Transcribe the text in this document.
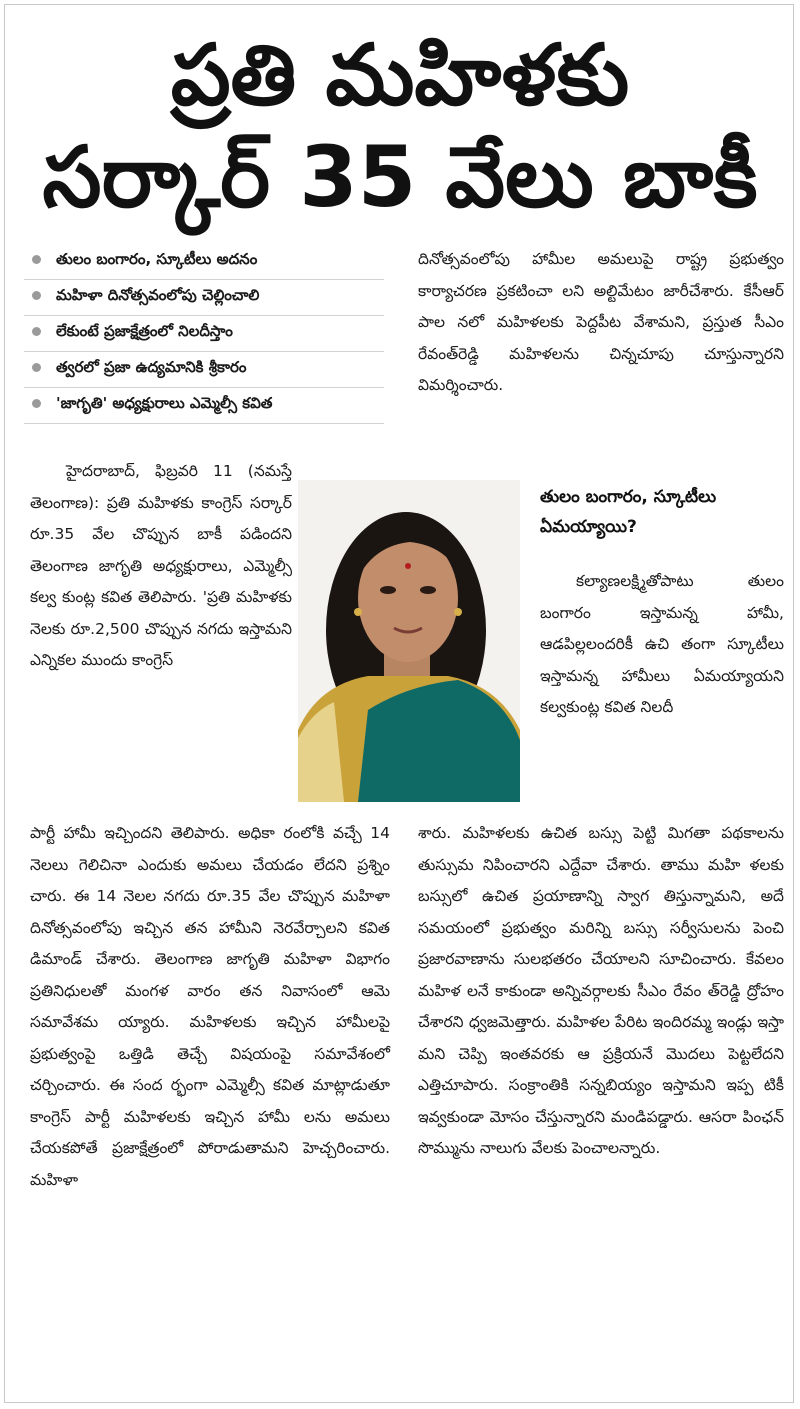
ప్రతి మహిళకు
సర్కార్ 35 వేలు బాకీ
తులం బంగారం, స్కూటీలు అదనం
మహిళా దినోత్సవంలోపు చెల్లించాలి
లేకుంటే ప్రజాక్షేత్రంలో నిలదీస్తాం
త్వరలో ప్రజా ఉద్యమానికి శ్రీకారం
'జాగృతి' అధ్యక్షురాలు ఎమ్మెల్సీ కవిత

దినోత్సవంలోపు హామీల అమలుపై రాష్ట్ర ప్రభుత్వం కార్యాచరణ ప్రకటించా లని అల్టిమేటం జారీచేశారు. కేసీఆర్ పాల నలో మహిళలకు పెద్దపీట వేశామని, ప్రస్తుత సీఎం రేవంత్‌రెడ్డి మహిళలను చిన్నచూపు చూస్తున్నారని విమర్శించారు.

తులం బంగారం, స్కూటీలు ఏమయ్యాయి?

కల్యాణలక్ష్మితోపాటు తులం బంగారం ఇస్తామన్న హామీ, ఆడపిల్లలందరికీ ఉచి తంగా స్కూటీలు ఇస్తామన్న హామీలు ఏమయ్యాయని కల్వకుంట్ల కవిత నిలదీ

శారు. మహిళలకు ఉచిత బస్సు పెట్టి మిగతా పథకాలను తుస్సుమ నిపించారని ఎద్దేవా చేశారు. తాము మహి ళలకు బస్సులో ఉచిత ప్రయాణాన్ని స్వాగ తిస్తున్నామని, అదే సమయంలో ప్రభుత్వం మరిన్ని బస్సు సర్వీసులను పెంచి ప్రజారవాణాను సులభతరం చేయాలని సూచించారు. కేవలం మహిళ లనే కాకుండా అన్నివర్గాలకు సీఎం రేవం త్‌రెడ్డి ద్రోహం చేశారని ధ్వజమెత్తారు. మహిళల పేరిట ఇందిరమ్మ ఇండ్లు ఇస్తా మని చెప్పి ఇంతవరకు ఆ ప్రక్రియనే మొదలు పెట్టలేదని ఎత్తిచూపారు. సంక్రాంతికి సన్నబియ్యం ఇస్తామని ఇప్ప టికీ ఇవ్వకుండా మోసం చేస్తున్నారని మండిపడ్డారు. ఆసరా పింఛన్ సొమ్మును నాలుగు వేలకు పెంచాలన్నారు.

హైదరాబాద్, ఫిబ్రవరి 11 (నమస్తే తెలంగాణ): ప్రతి మహిళకు కాంగ్రెస్ సర్కార్ రూ.35 వేల చొప్పున బాకీ పడిందని తెలంగాణ జాగృతి అధ్యక్షురాలు, ఎమ్మెల్సీ కల్వ కుంట్ల కవిత తెలిపారు. 'ప్రతి మహిళకు నెలకు రూ.2,500 చొప్పున నగదు ఇస్తామని ఎన్నికల ముందు కాంగ్రెస్

పార్టీ హామీ ఇచ్చిందని తెలిపారు. అధికా రంలోకి వచ్చే 14 నెలలు గెలిచినా ఎందుకు అమలు చేయడం లేదని ప్రశ్నిం చారు. ఈ 14 నెలల నగదు రూ.35 వేల చొప్పున మహిళా దినోత్సవంలోపు ఇచ్చిన తన హామీని నెరవేర్చాలని కవిత డిమాండ్ చేశారు. తెలంగాణ జాగృతి మహిళా విభాగం ప్రతినిధులతో మంగళ వారం తన నివాసంలో ఆమె సమావేశమ య్యారు. మహిళలకు ఇచ్చిన హామీలపై ప్రభుత్వంపై ఒత్తిడి తెచ్చే విషయంపై సమావేశంలో చర్చించారు. ఈ సంద ర్భంగా ఎమ్మెల్సీ కవిత మాట్లాడుతూ కాంగ్రెస్ పార్టీ మహిళలకు ఇచ్చిన హామీ లను అమలు చేయకపోతే ప్రజాక్షేత్రంలో పోరాడుతామని హెచ్చరించారు. మహిళా
